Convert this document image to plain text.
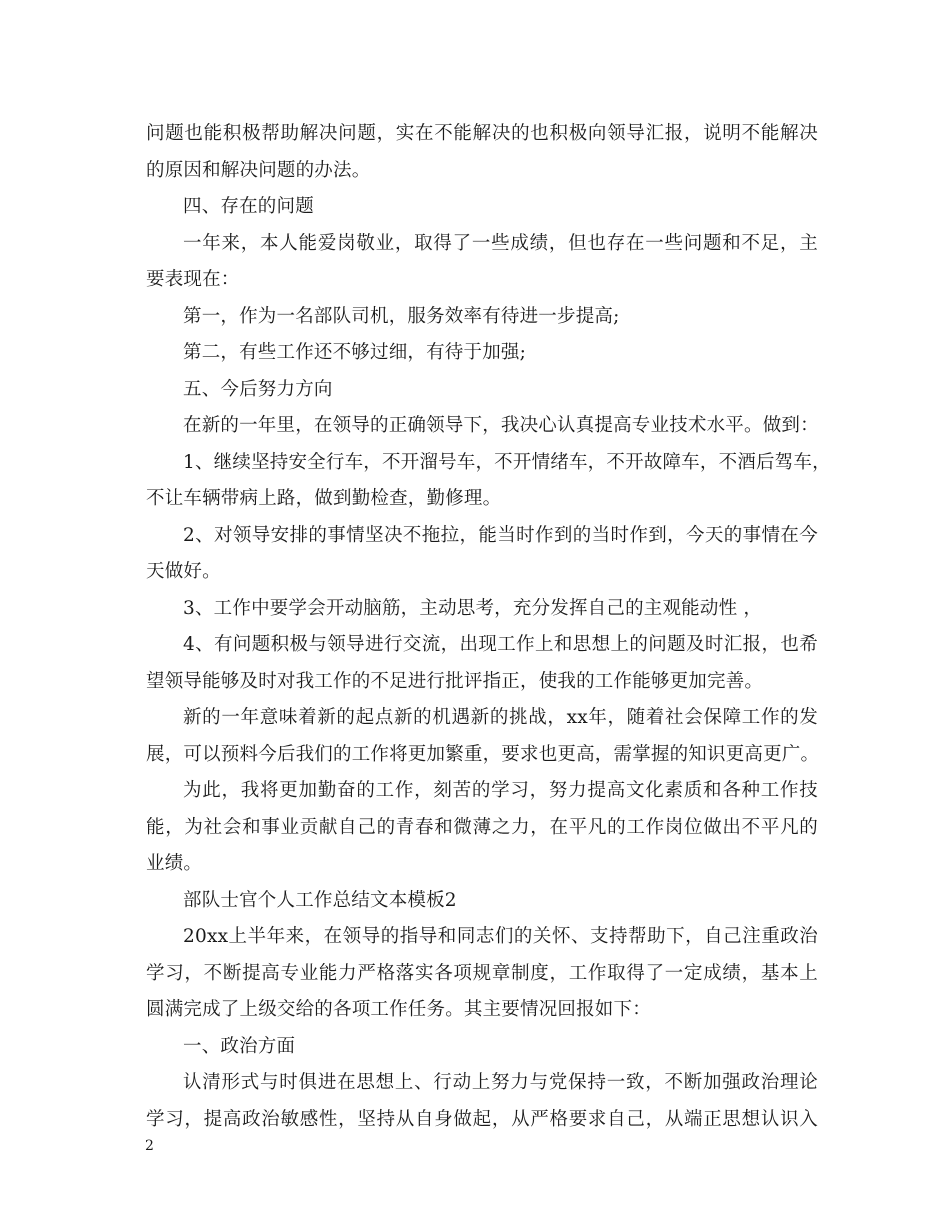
问题也能积极帮助解决问题，实在不能解决的也积极向领导汇报，说明不能解决
的原因和解决问题的办法。
四、存在的问题
一年来，本人能爱岗敬业，取得了一些成绩，但也存在一些问题和不足，主
要表现在：
第一，作为一名部队司机，服务效率有待进一步提高;
第二，有些工作还不够过细，有待于加强;
五、今后努力方向
在新的一年里，在领导的正确领导下，我决心认真提高专业技术水平。做到：
1、继续坚持安全行车，不开溜号车，不开情绪车，不开故障车，不酒后驾车，
不让车辆带病上路，做到勤检查，勤修理。
2、对领导安排的事情坚决不拖拉，能当时作到的当时作到，今天的事情在今
天做好。
3、工作中要学会开动脑筋，主动思考，充分发挥自己的主观能动性 ，
4、有问题积极与领导进行交流，出现工作上和思想上的问题及时汇报，也希
望领导能够及时对我工作的不足进行批评指正，使我的工作能够更加完善。
新的一年意味着新的起点新的机遇新的挑战，xx年，随着社会保障工作的发
展，可以预料今后我们的工作将更加繁重，要求也更高，需掌握的知识更高更广。
为此，我将更加勤奋的工作，刻苦的学习，努力提高文化素质和各种工作技
能，为社会和事业贡献自己的青春和微薄之力，在平凡的工作岗位做出不平凡的
业绩。
部队士官个人工作总结文本模板2
20xx上半年来，在领导的指导和同志们的关怀、支持帮助下，自己注重政治
学习，不断提高专业能力严格落实各项规章制度，工作取得了一定成绩，基本上
圆满完成了上级交给的各项工作任务。其主要情况回报如下：
一、政治方面
认清形式与时俱进在思想上、行动上努力与党保持一致，不断加强政治理论
学习，提高政治敏感性，坚持从自身做起，从严格要求自己，从端正思想认识入
2
